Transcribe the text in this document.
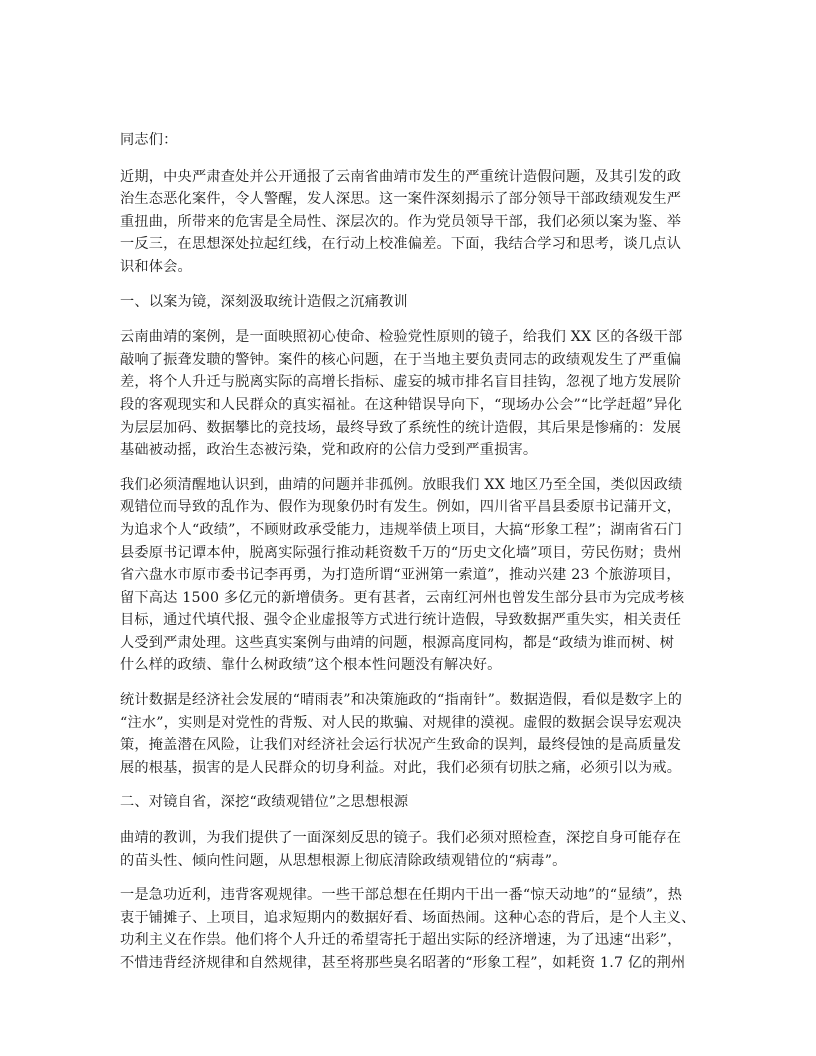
同志们：
近期，中央严肃查处并公开通报了云南省曲靖市发生的严重统计造假问题，及其引发的政
治生态恶化案件，令人警醒，发人深思。这一案件深刻揭示了部分领导干部政绩观发生严
重扭曲，所带来的危害是全局性、深层次的。作为党员领导干部，我们必须以案为鉴、举
一反三，在思想深处拉起红线，在行动上校准偏差。下面，我结合学习和思考，谈几点认
识和体会。
一、以案为镜，深刻汲取统计造假之沉痛教训
云南曲靖的案例，是一面映照初心使命、检验党性原则的镜子，给我们 XX 区的各级干部
敲响了振聋发聩的警钟。案件的核心问题，在于当地主要负责同志的政绩观发生了严重偏
差，将个人升迁与脱离实际的高增长指标、虚妄的城市排名盲目挂钩，忽视了地方发展阶
段的客观现实和人民群众的真实福祉。在这种错误导向下，“现场办公会”“比学赶超”异化
为层层加码、数据攀比的竞技场，最终导致了系统性的统计造假，其后果是惨痛的：发展
基础被动摇，政治生态被污染，党和政府的公信力受到严重损害。
我们必须清醒地认识到，曲靖的问题并非孤例。放眼我们 XX 地区乃至全国，类似因政绩
观错位而导致的乱作为、假作为现象仍时有发生。例如，四川省平昌县委原书记蒲开文，
为追求个人“政绩”，不顾财政承受能力，违规举债上项目，大搞“形象工程”；湖南省石门
县委原书记谭本仲，脱离实际强行推动耗资数千万的“历史文化墙”项目，劳民伤财；贵州
省六盘水市原市委书记李再勇，为打造所谓“亚洲第一索道”，推动兴建 23 个旅游项目，
留下高达 1500 多亿元的新增债务。更有甚者，云南红河州也曾发生部分县市为完成考核
目标，通过代填代报、强令企业虚报等方式进行统计造假，导致数据严重失实，相关责任
人受到严肃处理。这些真实案例与曲靖的问题，根源高度同构，都是“政绩为谁而树、树
什么样的政绩、靠什么树政绩”这个根本性问题没有解决好。
统计数据是经济社会发展的“晴雨表”和决策施政的“指南针”。数据造假，看似是数字上的
“注水”，实则是对党性的背叛、对人民的欺骗、对规律的漠视。虚假的数据会误导宏观决
策，掩盖潜在风险，让我们对经济社会运行状况产生致命的误判，最终侵蚀的是高质量发
展的根基，损害的是人民群众的切身利益。对此，我们必须有切肤之痛，必须引以为戒。
二、对镜自省，深挖“政绩观错位”之思想根源
曲靖的教训，为我们提供了一面深刻反思的镜子。我们必须对照检查，深挖自身可能存在
的苗头性、倾向性问题，从思想根源上彻底清除政绩观错位的“病毒”。
一是急功近利，违背客观规律。一些干部总想在任期内干出一番“惊天动地”的“显绩”，热
衷于铺摊子、上项目，追求短期内的数据好看、场面热闹。这种心态的背后，是个人主义、
功利主义在作祟。他们将个人升迁的希望寄托于超出实际的经济增速，为了迅速“出彩”，
不惜违背经济规律和自然规律，甚至将那些臭名昭著的“形象工程”，如耗资 1.7 亿的荆州
